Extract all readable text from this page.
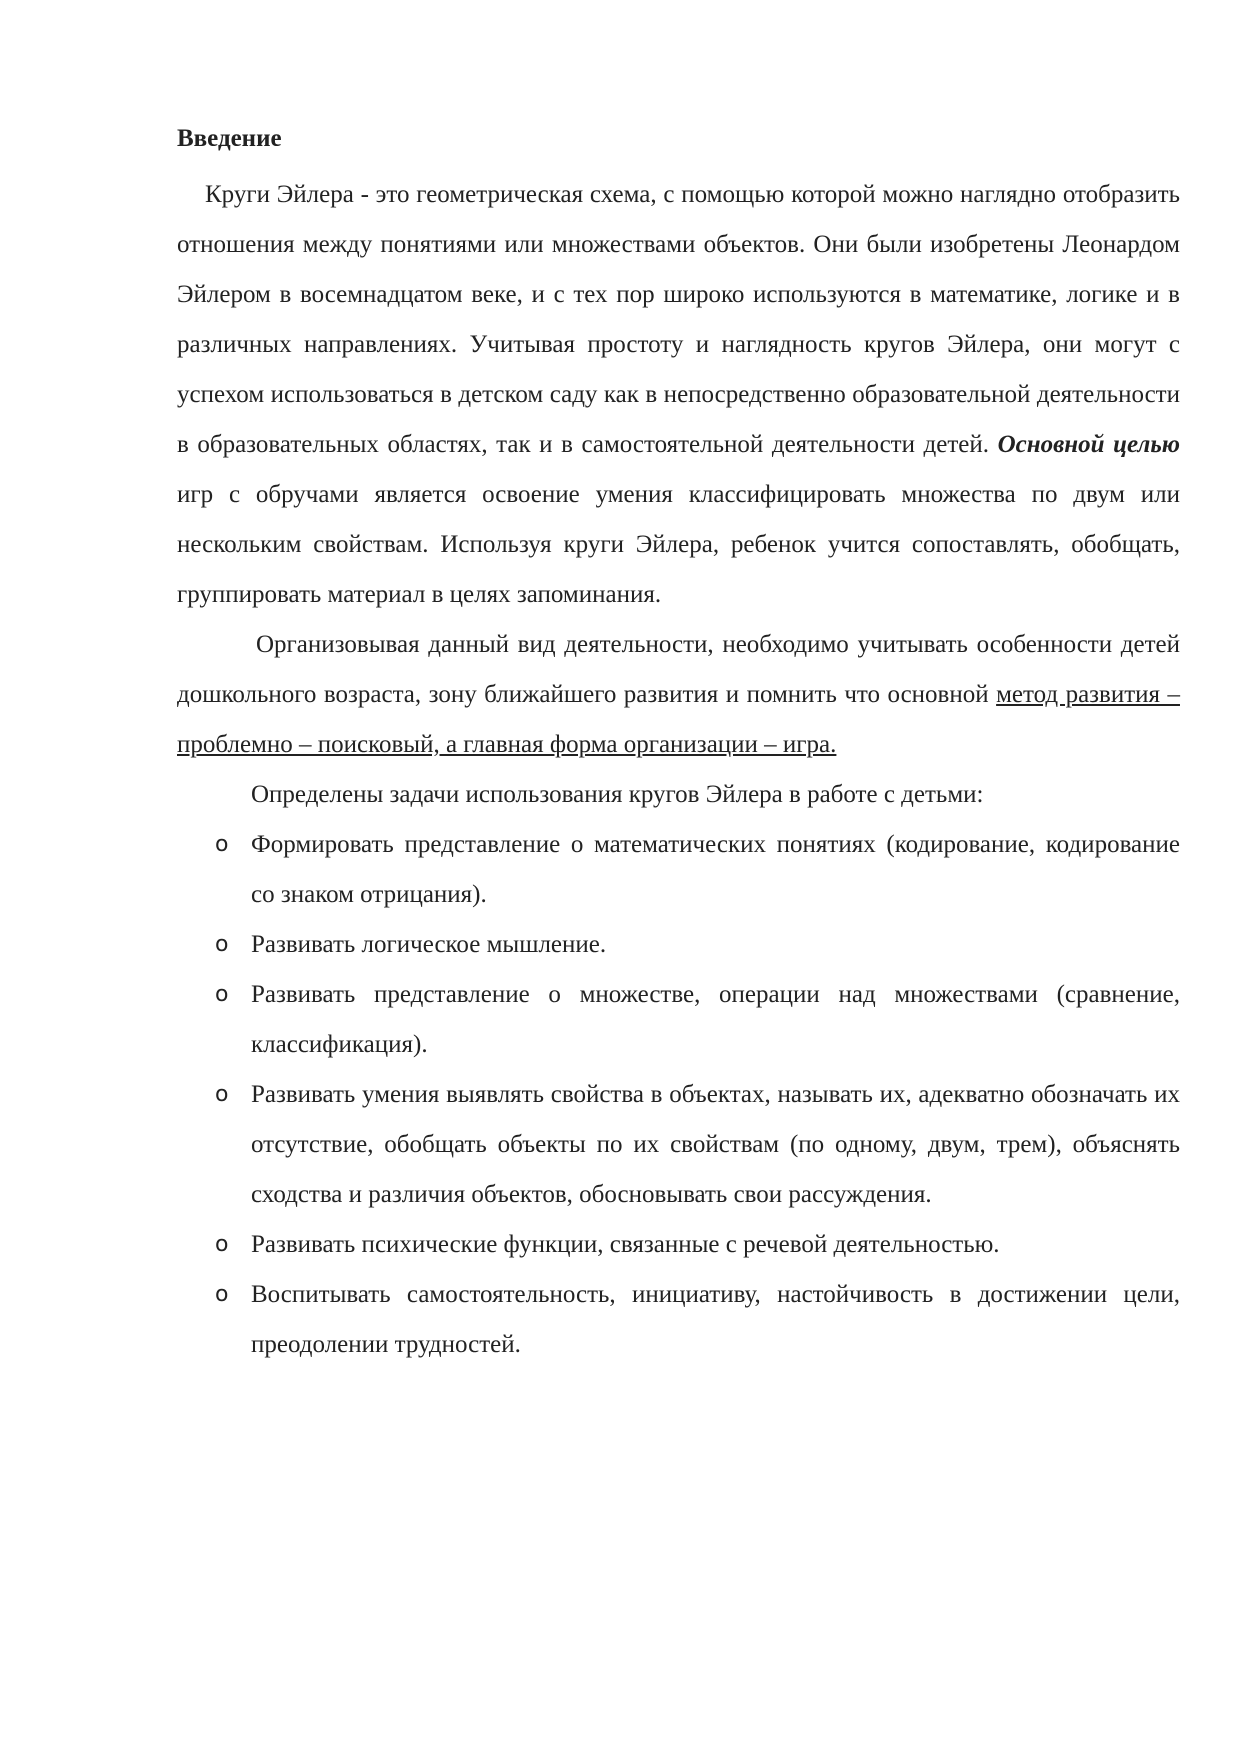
Введение

Круги Эйлера - это геометрическая схема, с помощью которой можно наглядно отобразить отношения между понятиями или множествами объектов. Они были изобретены Леонардом Эйлером в восемнадцатом веке, и с тех пор широко используются в математике, логике и в различных направлениях. Учитывая простоту и наглядность кругов Эйлера, они могут с успехом использоваться в детском саду как в непосредственно образовательной деятельности в образовательных областях, так и в самостоятельной деятельности детей. Основной целью игр с обручами является освоение умения классифицировать множества по двум или нескольким свойствам. Используя круги Эйлера, ребенок учится сопоставлять, обобщать, группировать материал в целях запоминания.

Организовывая данный вид деятельности, необходимо учитывать особенности детей дошкольного возраста, зону ближайшего развития и помнить что основной метод развития – проблемно – поисковый, а главная форма организации – игра.

Определены задачи использования кругов Эйлера в работе с детьми:

o Формировать представление о математических понятиях (кодирование, кодирование со знаком отрицания).
o Развивать логическое мышление.
o Развивать представление о множестве, операции над множествами (сравнение, классификация).
o Развивать умения выявлять свойства в объектах, называть их, адекватно обозначать их отсутствие, обобщать объекты по их свойствам (по одному, двум, трем), объяснять сходства и различия объектов, обосновывать свои рассуждения.
o Развивать психические функции, связанные с речевой деятельностью.
o Воспитывать самостоятельность, инициативу, настойчивость в достижении цели, преодолении трудностей.
